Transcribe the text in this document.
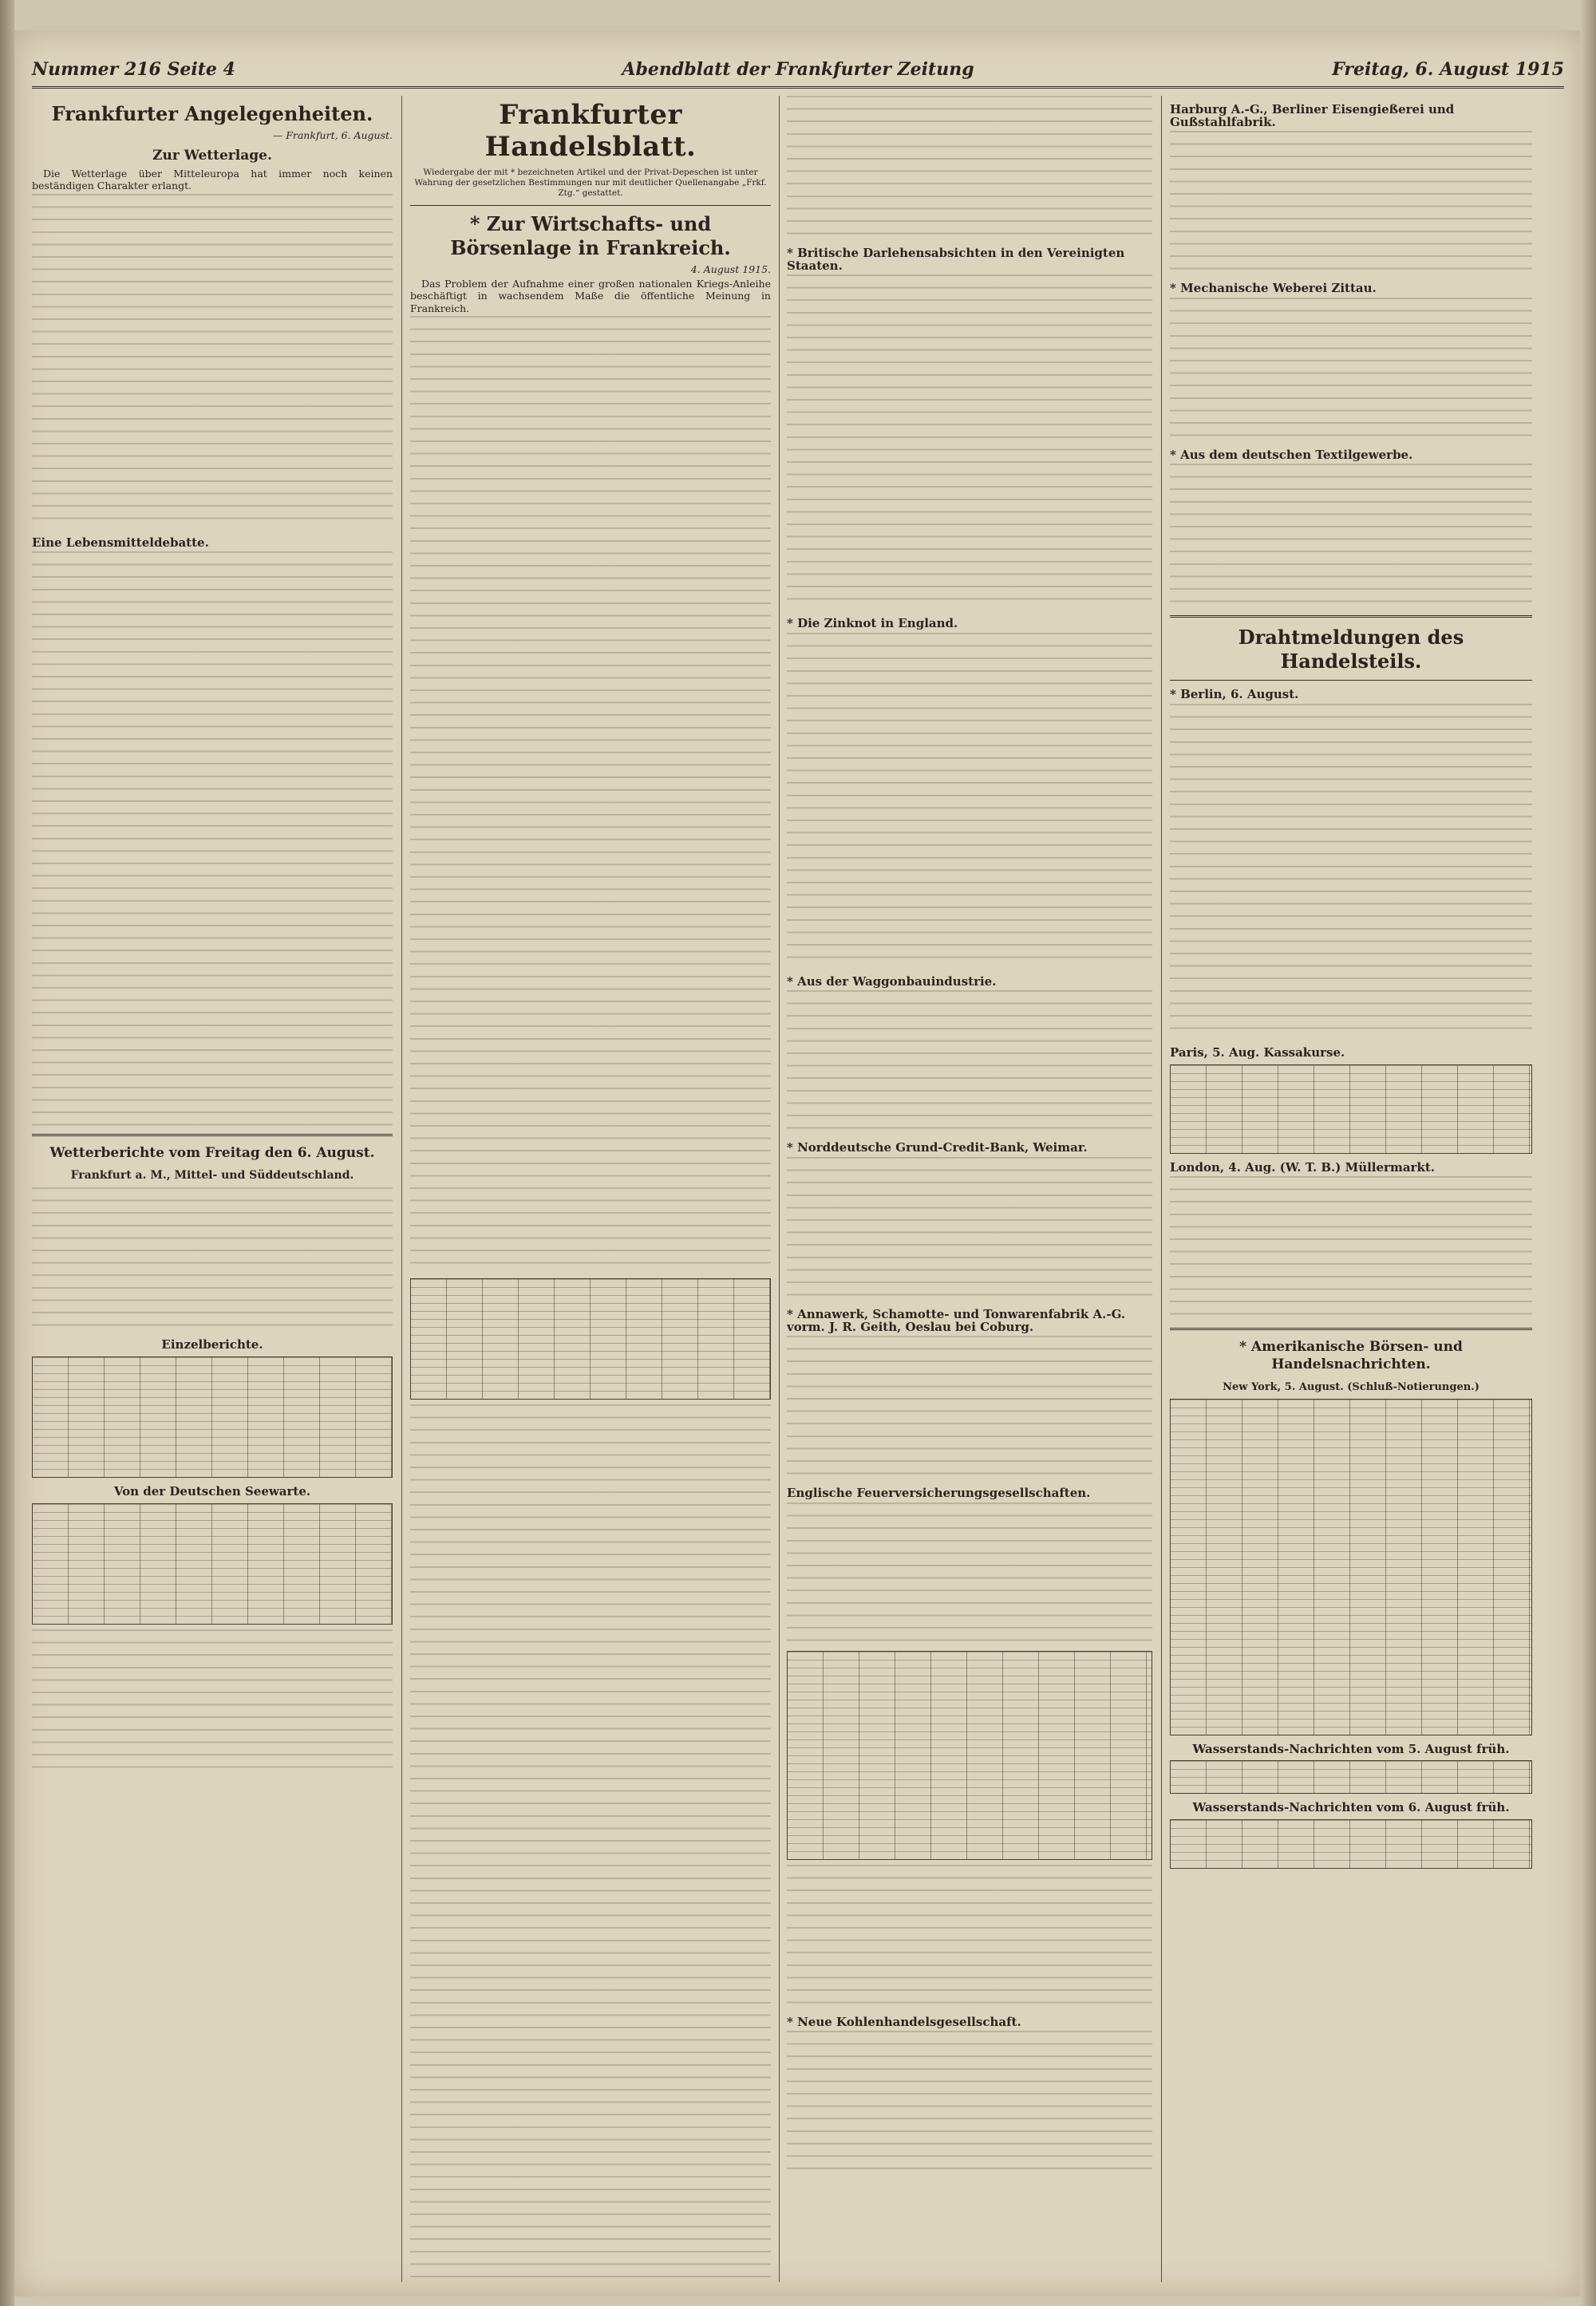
Nummer 216 Seite 4	Abendblatt der Frankfurter Zeitung	Freitag, 6. August 1915
Frankfurter Angelegenheiten.
— Frankfurt, 6. August.
Zur Wetterlage.

Die Wetterlage über Mitteleuropa hat immer noch keinen beständigen Charakter erlangt.

Eine Lebensmitteldebatte.
Wetterberichte vom Freitag den 6. August.
Frankfurt a. M., Mittel- und Süddeutschland.
Einzelberichte.
Von der Deutschen Seewarte.
Frankfurter Handelsblatt.
Wiedergabe der mit * bezeichneten Artikel und der Privat-Depeschen ist unter Wahrung der gesetzlichen Bestimmungen nur mit deutlicher Quellenangabe „Frkf. Ztg.“ gestattet.
* Zur Wirtschafts- und Börsenlage in Frankreich.
4. August 1915.

Das Problem der Aufnahme einer großen nationalen Kriegs-Anleihe beschäftigt in wachsendem Maße die öffentliche Meinung in Frankreich.

* Britische Darlehensabsichten in den Vereinigten Staaten.
* Die Zinknot in England.
* Aus der Waggonbauindustrie.
* Norddeutsche Grund-Credit-Bank, Weimar.
* Annawerk, Schamotte- und Tonwarenfabrik A.-G. vorm. J. R. Geith, Oeslau bei Coburg.
Englische Feuerversicherungsgesellschaften.
* Neue Kohlenhandelsgesellschaft.
Harburg A.-G., Berliner Eisengießerei und Gußstahlfabrik.
* Mechanische Weberei Zittau.
* Aus dem deutschen Textilgewerbe.
Drahtmeldungen des Handelsteils.
* Berlin, 6. August.
Paris, 5. Aug. Kassakurse.
London, 4. Aug. (W. T. B.) Müllermarkt.
* Amerikanische Börsen- und Handelsnachrichten.
New York, 5. August. (Schluß-Notierungen.)
Wasserstands-Nachrichten vom 5. August früh.
Wasserstands-Nachrichten vom 6. August früh.
